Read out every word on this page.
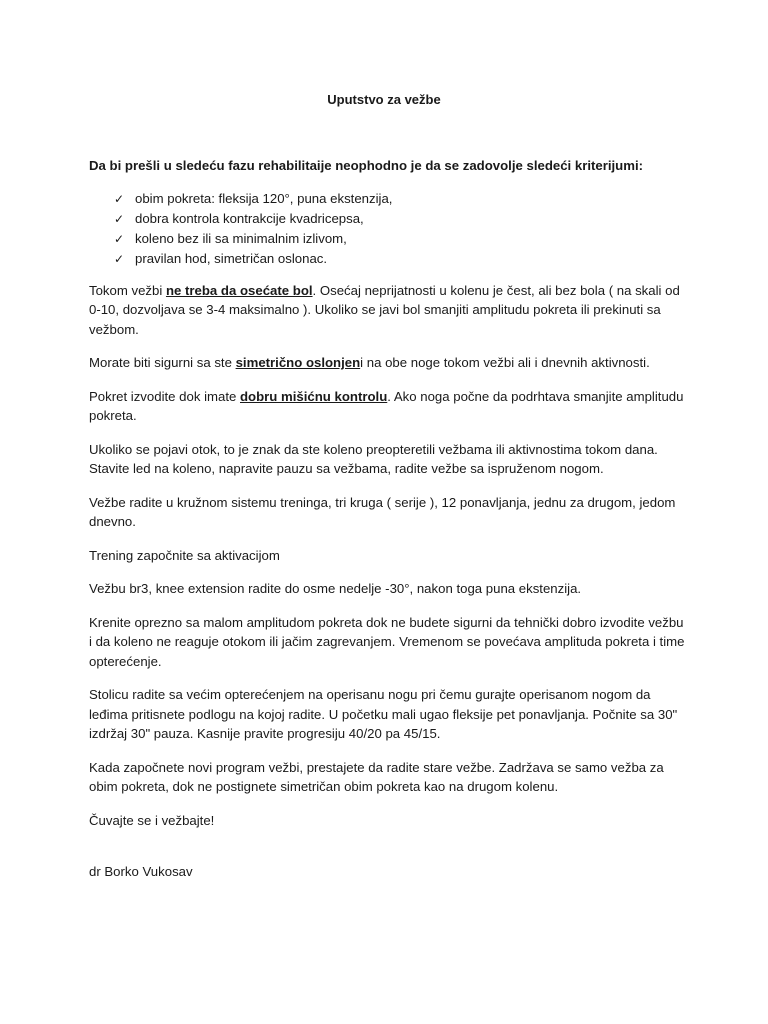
Uputstvo za vežbe

Da bi prešli u sledeću fazu rehabilitaije neophodno je da se zadovolje sledeći kriterijumi:

✓ obim pokreta: fleksija 120°, puna ekstenzija,
✓ dobra kontrola kontrakcije kvadricepsa,
✓ koleno bez ili sa minimalnim izlivom,
✓ pravilan hod, simetričan oslonac.

Tokom vežbi ne treba da osećate bol. Osećaj neprijatnosti u kolenu je čest, ali bez bola ( na skali od 0-10, dozvoljava se 3-4 maksimalno ). Ukoliko se javi bol smanjiti amplitudu pokreta ili prekinuti sa vežbom.

Morate biti sigurni sa ste simetrično oslonjeni na obe noge tokom vežbi ali i dnevnih aktivnosti.

Pokret izvodite dok imate dobru mišićnu kontrolu. Ako noga počne da podrhtava smanjite amplitudu pokreta.

Ukoliko se pojavi otok, to je znak da ste koleno preopteretili vežbama ili aktivnostima tokom dana. Stavite led na koleno, napravite pauzu sa vežbama, radite vežbe sa ispruženom nogom.

Vežbe radite u kružnom sistemu treninga, tri kruga ( serije ), 12 ponavljanja, jednu za drugom, jedom dnevno.

Trening započnite sa aktivacijom

Vežbu br3, knee extension radite do osme nedelje -30°, nakon toga puna ekstenzija.

Krenite oprezno sa malom amplitudom pokreta dok ne budete sigurni da tehnički dobro izvodite vežbu i da koleno ne reaguje otokom ili jačim zagrevanjem. Vremenom se povećava amplituda pokreta i time opterećenje.

Stolicu radite sa većim opterećenjem na operisanu nogu pri čemu gurajte operisanom nogom da leđima pritisnete podlogu na kojoj radite. U početku mali ugao fleksije pet ponavljanja. Počnite sa 30" izdržaj 30" pauza. Kasnije pravite progresiju 40/20 pa 45/15.

Kada započnete novi program vežbi, prestajete da radite stare vežbe. Zadržava se samo vežba za obim pokreta, dok ne postignete simetričan obim pokreta kao na drugom kolenu.

Čuvajte se i vežbajte!

dr Borko Vukosav
